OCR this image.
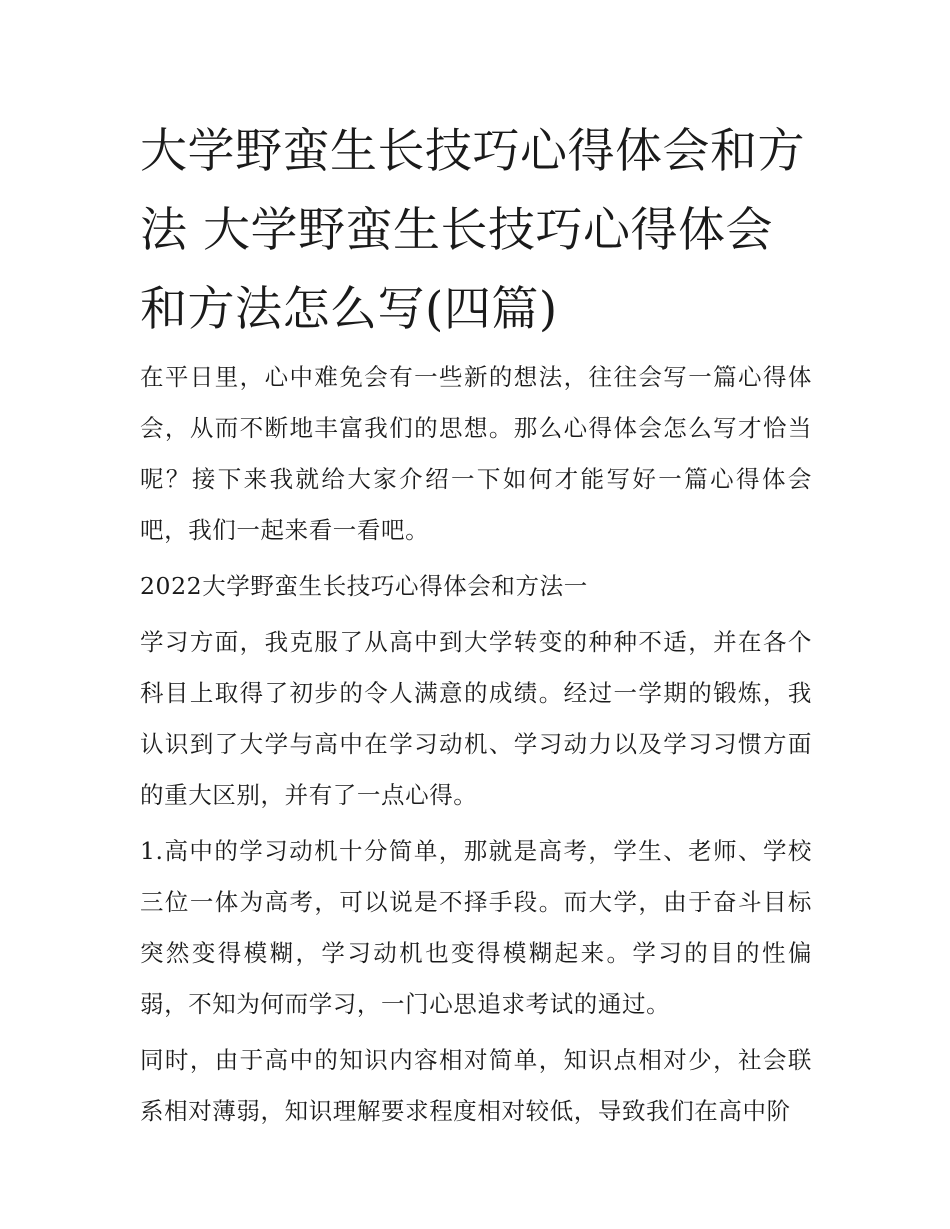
大学野蛮生长技巧心得体会和方法 大学野蛮生长技巧心得体会和方法怎么写(四篇)

在平日里，心中难免会有一些新的想法，往往会写一篇心得体会，从而不断地丰富我们的思想。那么心得体会怎么写才恰当呢？接下来我就给大家介绍一下如何才能写好一篇心得体会吧，我们一起来看一看吧。

2022大学野蛮生长技巧心得体会和方法一

学习方面，我克服了从高中到大学转变的种种不适，并在各个科目上取得了初步的令人满意的成绩。经过一学期的锻炼，我认识到了大学与高中在学习动机、学习动力以及学习习惯方面的重大区别，并有了一点心得。

1.高中的学习动机十分简单，那就是高考，学生、老师、学校三位一体为高考，可以说是不择手段。而大学，由于奋斗目标突然变得模糊，学习动机也变得模糊起来。学习的目的性偏弱，不知为何而学习，一门心思追求考试的通过。

同时，由于高中的知识内容相对简单，知识点相对少，社会联系相对薄弱，知识理解要求程度相对较低，导致我们在高中阶
